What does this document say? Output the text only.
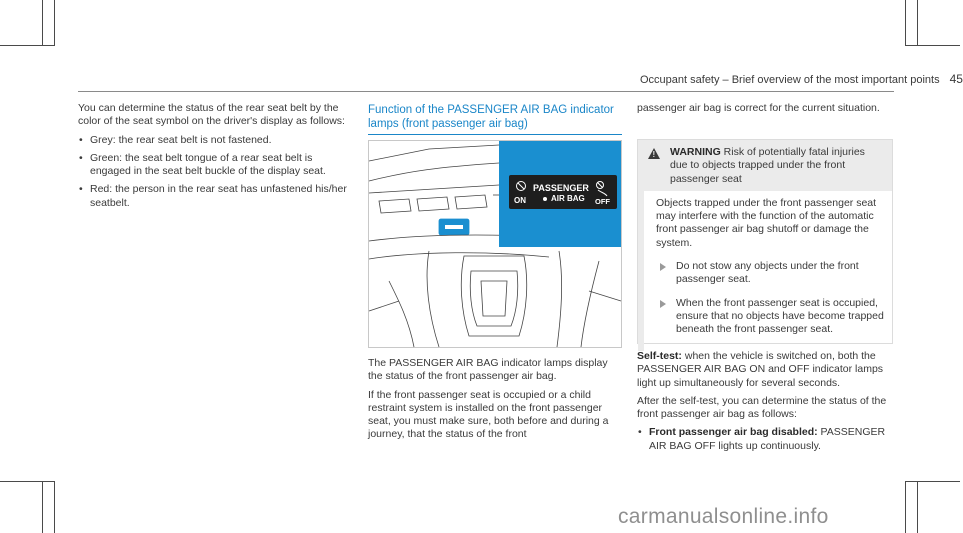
Occupant safety – Brief overview of the most important points 45

You can determine the status of the rear seat belt by the color of the seat symbol on the driver's display as follows:

• Grey: the rear seat belt is not fastened.
• Green: the seat belt tongue of a rear seat belt is engaged in the seat belt buckle of the display seat.
• Red: the person in the rear seat has unfastened his/her seatbelt.
Function of the PASSENGER AIR BAG indicator lamps (front passenger air bag)
PASSENGER
ON	AIR BAG OFF

The PASSENGER AIR BAG indicator lamps display the status of the front passenger air bag.

If the front passenger seat is occupied or a child restraint system is installed on the front passenger seat, you must make sure, both before and during a journey, that the status of the front

passenger air bag is correct for the current situation.

! WARNING Risk of potentially fatal injuries due to objects trapped under the front passenger seat

Objects trapped under the front passenger seat may interfere with the function of the automatic front passenger air bag shutoff or damage the system.

Do not stow any objects under the front passenger seat.
When the front passenger seat is occupied, ensure that no objects have become trapped beneath the front passenger seat.

Self-test: when the vehicle is switched on, both the PASSENGER AIR BAG ON and OFF indicator lamps light up simultaneously for several seconds.

After the self-test, you can determine the status of the front passenger air bag as follows:

• Front passenger air bag disabled: PASSENGER AIR BAG OFF lights up continuously.
carmanualsonline.info
